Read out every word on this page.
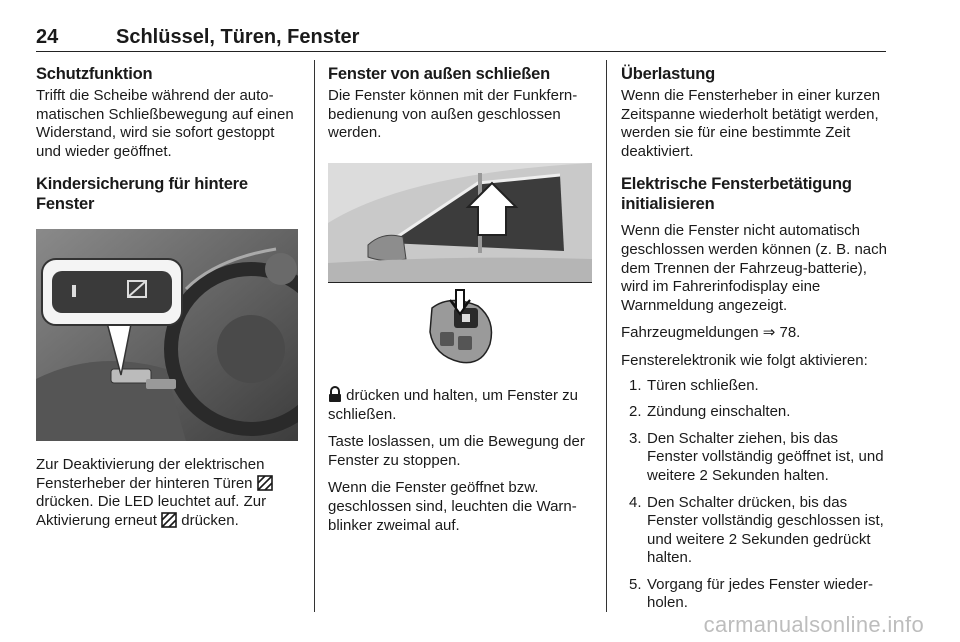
24	Schlüssel, Türen, Fenster
Schutzfunktion

Trifft die Scheibe während der auto-matischen Schließbewegung auf einen Widerstand, wird sie sofort gestoppt und wieder geöffnet.

Kindersicherung für hintere Fenster

Zur Deaktivierung der elektrischen Fensterheber der hinteren Türen  drücken. Die LED leuchtet auf. Zur Aktivierung erneut drücken.

Fenster von außen schließen

Die Fenster können mit der Funkfern-bedienung von außen geschlossen werden.

drücken und halten, um Fenster zu schließen.

Taste loslassen, um die Bewegung der Fenster zu stoppen.

Wenn die Fenster geöffnet bzw. geschlossen sind, leuchten die Warn-blinker zweimal auf.

Überlastung

Wenn die Fensterheber in einer kurzen Zeitspanne wiederholt betätigt werden, werden sie für eine bestimmte Zeit deaktiviert.

Elektrische Fensterbetätigung initialisieren

Wenn die Fenster nicht automatisch geschlossen werden können (z. B. nach dem Trennen der Fahrzeug-batterie), wird im Fahrerinfodisplay eine Warnmeldung angezeigt.

Fahrzeugmeldungen ⇒ 78.

Fensterelektronik wie folgt aktivieren:

1. Türen schließen.
2. Zündung einschalten.
3. Den Schalter ziehen, bis das Fenster vollständig geöffnet ist, und weitere 2 Sekunden halten.
4. Den Schalter drücken, bis das Fenster vollständig geschlossen ist, und weitere 2 Sekunden gedrückt halten.
5. Vorgang für jedes Fenster wieder-holen.
carmanualsonline.info
